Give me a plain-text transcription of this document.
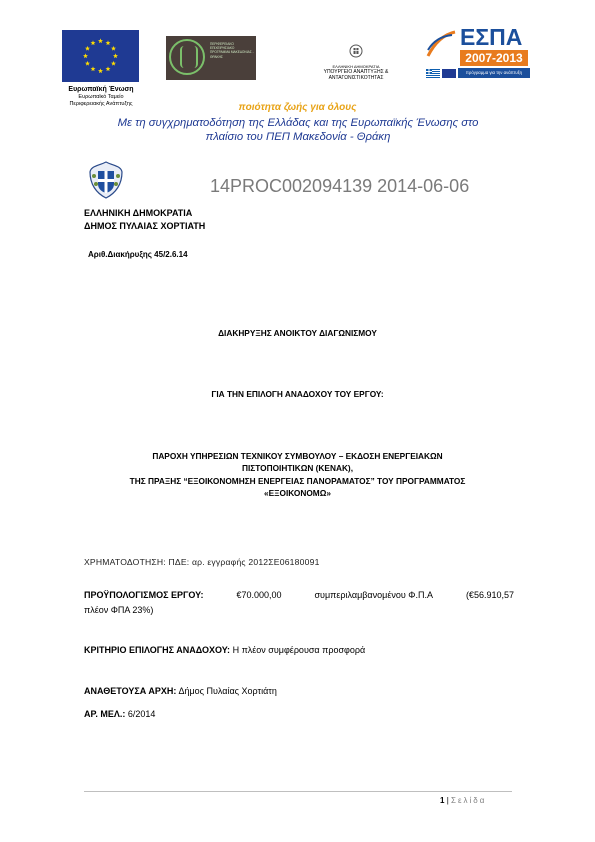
Ευρωπαϊκή Ένωση
Ευρωπαϊκό Ταμείο
Περιφερειακής Ανάπτυξης
ΠΕΡΙΦΕΡΕΙΑΚΟ ΕΠΙΧΕΙΡΗΣΙΑΚΟ ΠΡΟΓΡΑΜΜΑ ΜΑΚΕΔΟΝΙΑΣ - ΘΡΑΚΗΣ
ΕΛΛΗΝΙΚΗ ΔΗΜΟΚΡΑΤΙΑ
ΥΠΟΥΡΓΕΙΟ ΑΝΑΠΤΥΞΗΣ & ΑΝΤΑΓΩΝΙΣΤΙΚΟΤΗΤΑΣ
ΕΣΠΑ
2007-2013
πρόγραμμα για την ανάπτυξη
ποιότητα ζωής για όλους
Με τη συγχρηματοδότηση της Ελλάδας και της Ευρωπαϊκής Ένωσης στο
πλαίσιο του ΠΕΠ Μακεδονία - Θράκη
14PROC002094139 2014-06-06
ΕΛΛΗΝΙΚΗ ΔΗΜΟΚΡΑΤΙΑ
ΔΗΜΟΣ ΠΥΛΑΙΑΣ ΧΟΡΤΙΑΤΗ
Αριθ.Διακήρυξης 45/2.6.14
ΔΙΑΚΗΡΥΞΗΣ ΑΝΟΙΚΤΟΥ ΔΙΑΓΩΝΙΣΜΟΥ
ΓΙΑ ΤΗΝ ΕΠΙΛΟΓΗ ΑΝΑΔΟΧΟΥ ΤΟΥ ΕΡΓΟΥ:
ΠΑΡΟΧΗ ΥΠΗΡΕΣΙΩΝ ΤΕΧΝΙΚΟΥ ΣΥΜΒΟΥΛΟΥ – ΕΚΔΟΣΗ ΕΝΕΡΓΕΙΑΚΩΝ
ΠΙΣΤΟΠΟΙΗΤΙΚΩΝ (ΚΕΝΑΚ),
ΤΗΣ ΠΡΑΞΗΣ “ΕΞΟΙΚΟΝΟΜΗΣΗ ΕΝΕΡΓΕΙΑΣ ΠΑΝΟΡΑΜΑΤΟΣ” ΤΟΥ ΠΡΟΓΡΑΜΜΑΤΟΣ
«ΕΞΟΙΚΟΝΟΜΩ»
ΧΡΗΜΑΤΟΔΟΤΗΣΗ: ΠΔΕ: αρ. εγγραφής 2012ΣΕ06180091
ΠΡΟΫΠΟΛΟΓΙΣΜΟΣ ΕΡΓΟΥ:	€70.000,00	συμπεριλαμβανομένου Φ.Π.Α	(€56.910,57
πλέον ΦΠΑ 23%)
ΚΡΙΤΗΡΙΟ ΕΠΙΛΟΓΗΣ ΑΝΑΔΟΧΟΥ: Η πλέον συμφέρουσα προσφορά
ΑΝΑΘΕΤΟΥΣΑ ΑΡΧΗ: Δήμος Πυλαίας Χορτιάτη
ΑΡ. ΜΕΛ.: 6/2014
1 | Σελίδα
